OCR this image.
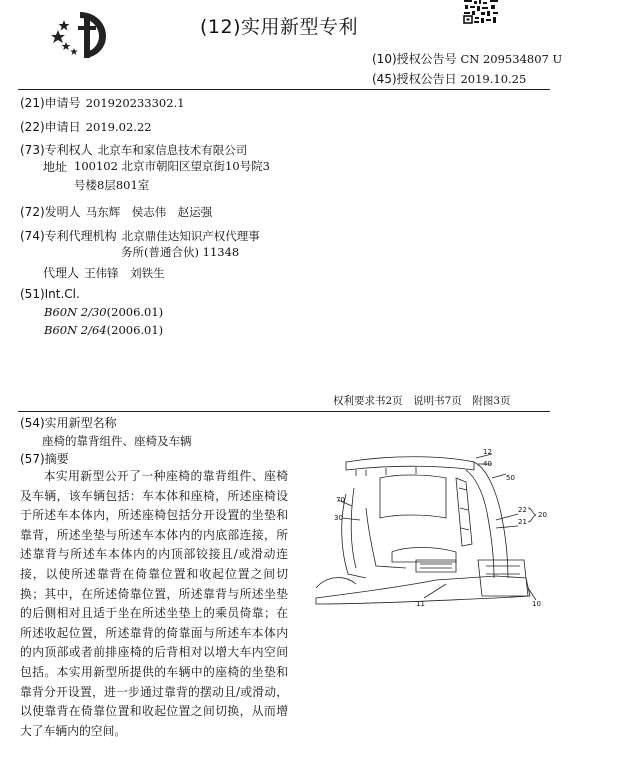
(12)实用新型专利
(10)授权公告号 CN 209534807 U
(45)授权公告日 2019.10.25
(21)申请号 201920233302.1
(22)申请日 2019.02.22
(73)专利权人 北京车和家信息技术有限公司
地址 100102 北京市朝阳区望京街10号院3
号楼8层801室
(72)发明人 马东辉　侯志伟　赵运强
(74)专利代理机构 北京鼎佳达知识产权代理事
务所(普通合伙) 11348
代理人 王伟锋　刘铁生
(51)Int.Cl.
B60N 2/30(2006.01)
B60N 2/64(2006.01)
权利要求书2页　说明书7页　附图3页
(54)实用新型名称
座椅的靠背组件、座椅及车辆
(57)摘要

本实用新型公开了一种座椅的靠背组件、座椅及车辆，该车辆包括：车本体和座椅，所述座椅设于所述车本体内，所述座椅包括分开设置的坐垫和靠背，所述坐垫与所述车本体内的内底部连接，所述靠背与所述车本体内的内顶部铰接且/或滑动连接，以使所述靠背在倚靠位置和收起位置之间切换；其中，在所述倚靠位置，所述靠背与所述坐垫的后侧相对且适于坐在所述坐垫上的乘员倚靠；在所述收起位置，所述靠背的倚靠面与所述车本体内的内顶部或者前排座椅的后背相对以增大车内空间包括。本实用新型所提供的车辆中的座椅的坐垫和靠背分开设置，进一步通过靠背的摆动且/或滑动，以使靠背在倚靠位置和收起位置之间切换，从而增大了车辆内的空间。

12
40
50
70
30
22
21
20
11	10
